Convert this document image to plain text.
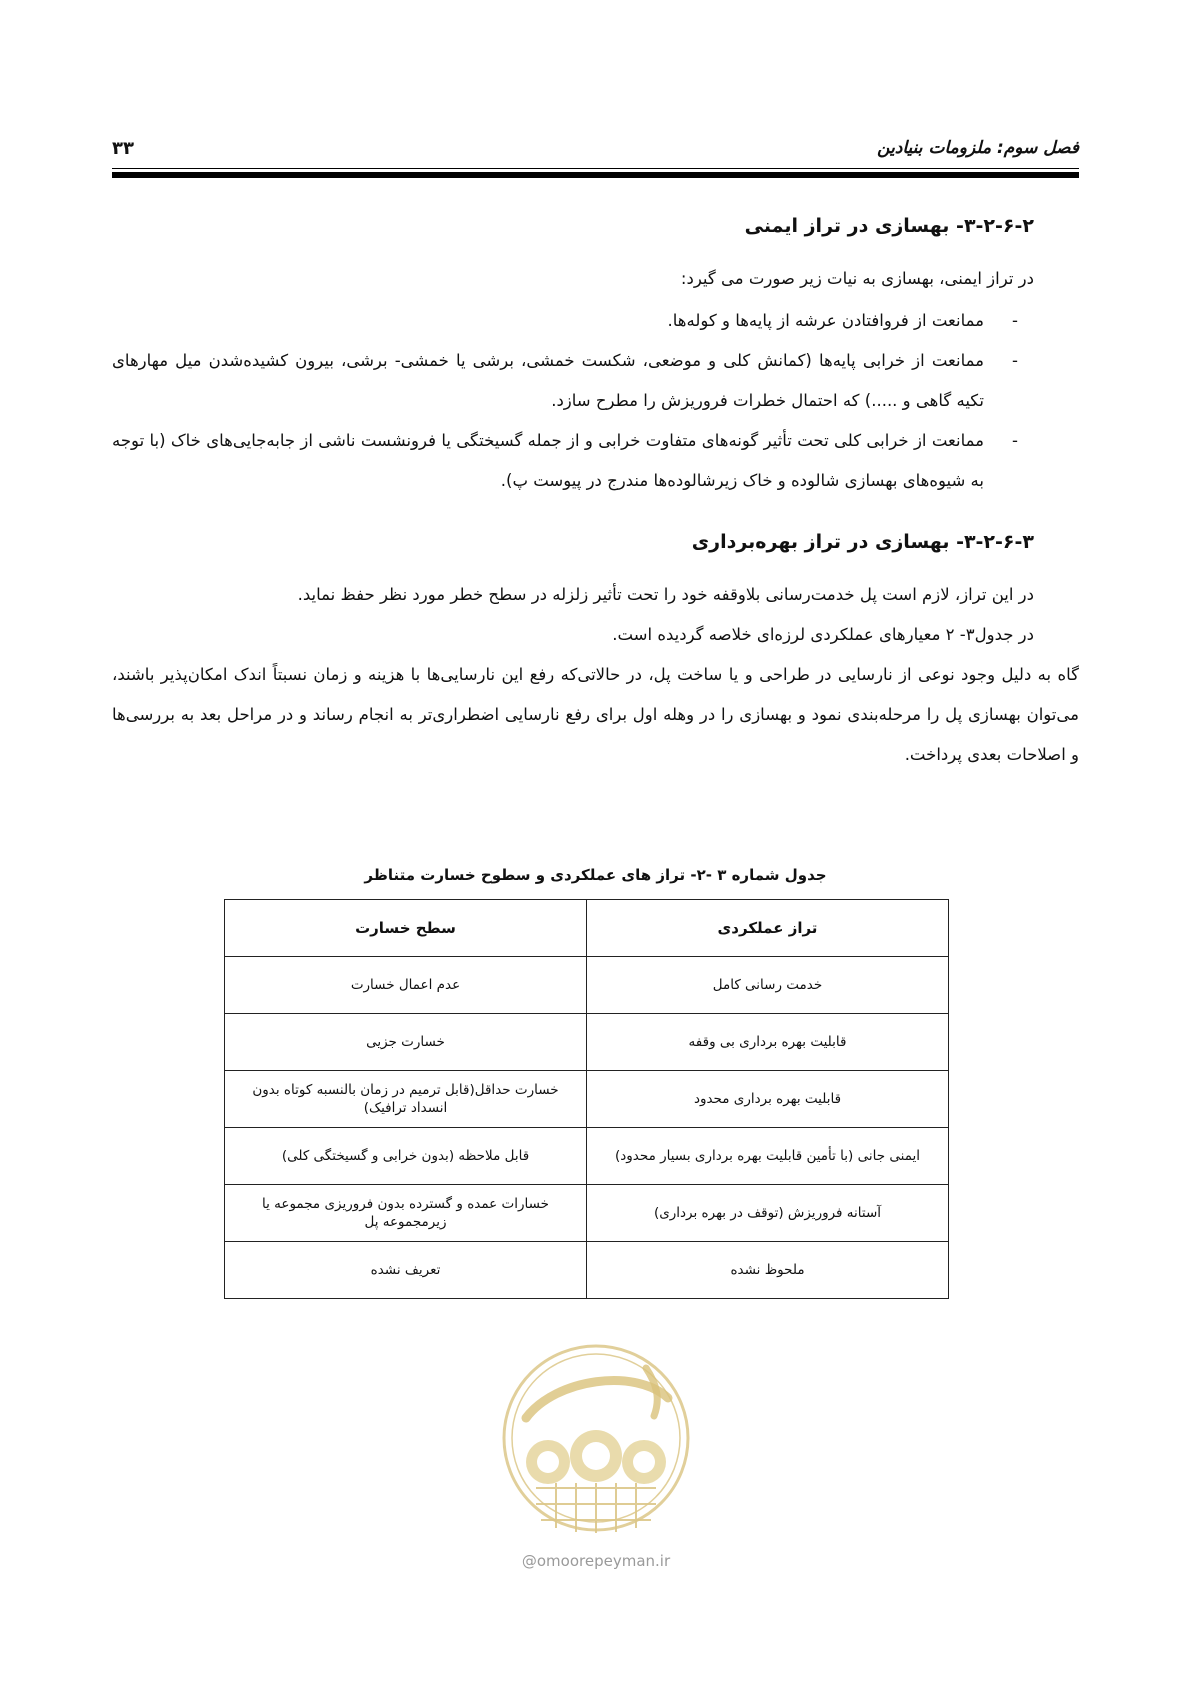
فصل سوم: ملزومات بنیادین
۳۳
۳-۲-۶-۲- بهسازی در تراز ایمنی

در تراز ایمنی، بهسازی به نیات زیر صورت می گیرد:

-
ممانعت از فروافتادن عرشه از پایه‌ها و کوله‌ها.
-
ممانعت از خرابی پایه‌ها (کمانش کلی و موضعی، شکست خمشی، برشی یا خمشی- برشی، بیرون کشیده‌شدن میل مهارهای تکیه گاهی و .....) که احتمال خطرات فروریزش را مطرح سازد.
-
ممانعت از خرابی کلی تحت تأثیر گونه‌های متفاوت خرابی و از جمله گسیختگی یا فرونشست ناشی از جابه‌جایی‌های خاک (با توجه به شیوه‌های بهسازی شالوده و خاک زیرشالوده‌ها مندرج در پیوست پ).
۳-۲-۶-۳- بهسازی در تراز بهره‌برداری

در این تراز، لازم است پل خدمت‌رسانی بلاوقفه خود را تحت تأثیر زلزله در سطح خطر مورد نظر حفظ نماید.

در جدول۳- ۲ معیارهای عملکردی لرزه‌ای خلاصه گردیده است.

گاه به دلیل وجود نوعی از نارسایی در طراحی و یا ساخت پل، در حالاتی‌که رفع این نارسایی‌ها با هزینه و زمان نسبتاً اندک امکان‌پذیر باشند، می‌توان بهسازی پل را مرحله‌بندی نمود و بهسازی را در وهله اول برای رفع نارسایی اضطراری‌تر به انجام رساند و در مراحل بعد به بررسی‌ها و اصلاحات بعدی پرداخت.

جدول شماره ۳ -۲- تراز های عملکردی و سطوح خسارت متناظر
تراز عملکردی	سطح خسارت
خدمت رسانی کامل	عدم اعمال خسارت
قابلیت بهره برداری بی وقفه	خسارت جزیی
قابلیت بهره برداری محدود	خسارت حداقل(قابل ترمیم در زمان بالنسبه کوتاه بدون انسداد ترافیک)
ایمنی جانی (با تأمین قابلیت بهره برداری بسیار محدود)	قابل ملاحظه (بدون خرابی و گسیختگی کلی)
آستانه فروریزش (توقف در بهره برداری)	خسارات عمده و گسترده بدون فروریزی مجموعه یا زیرمجموعه پل
ملحوظ نشده	تعریف نشده
@omoorepeyman.ir
